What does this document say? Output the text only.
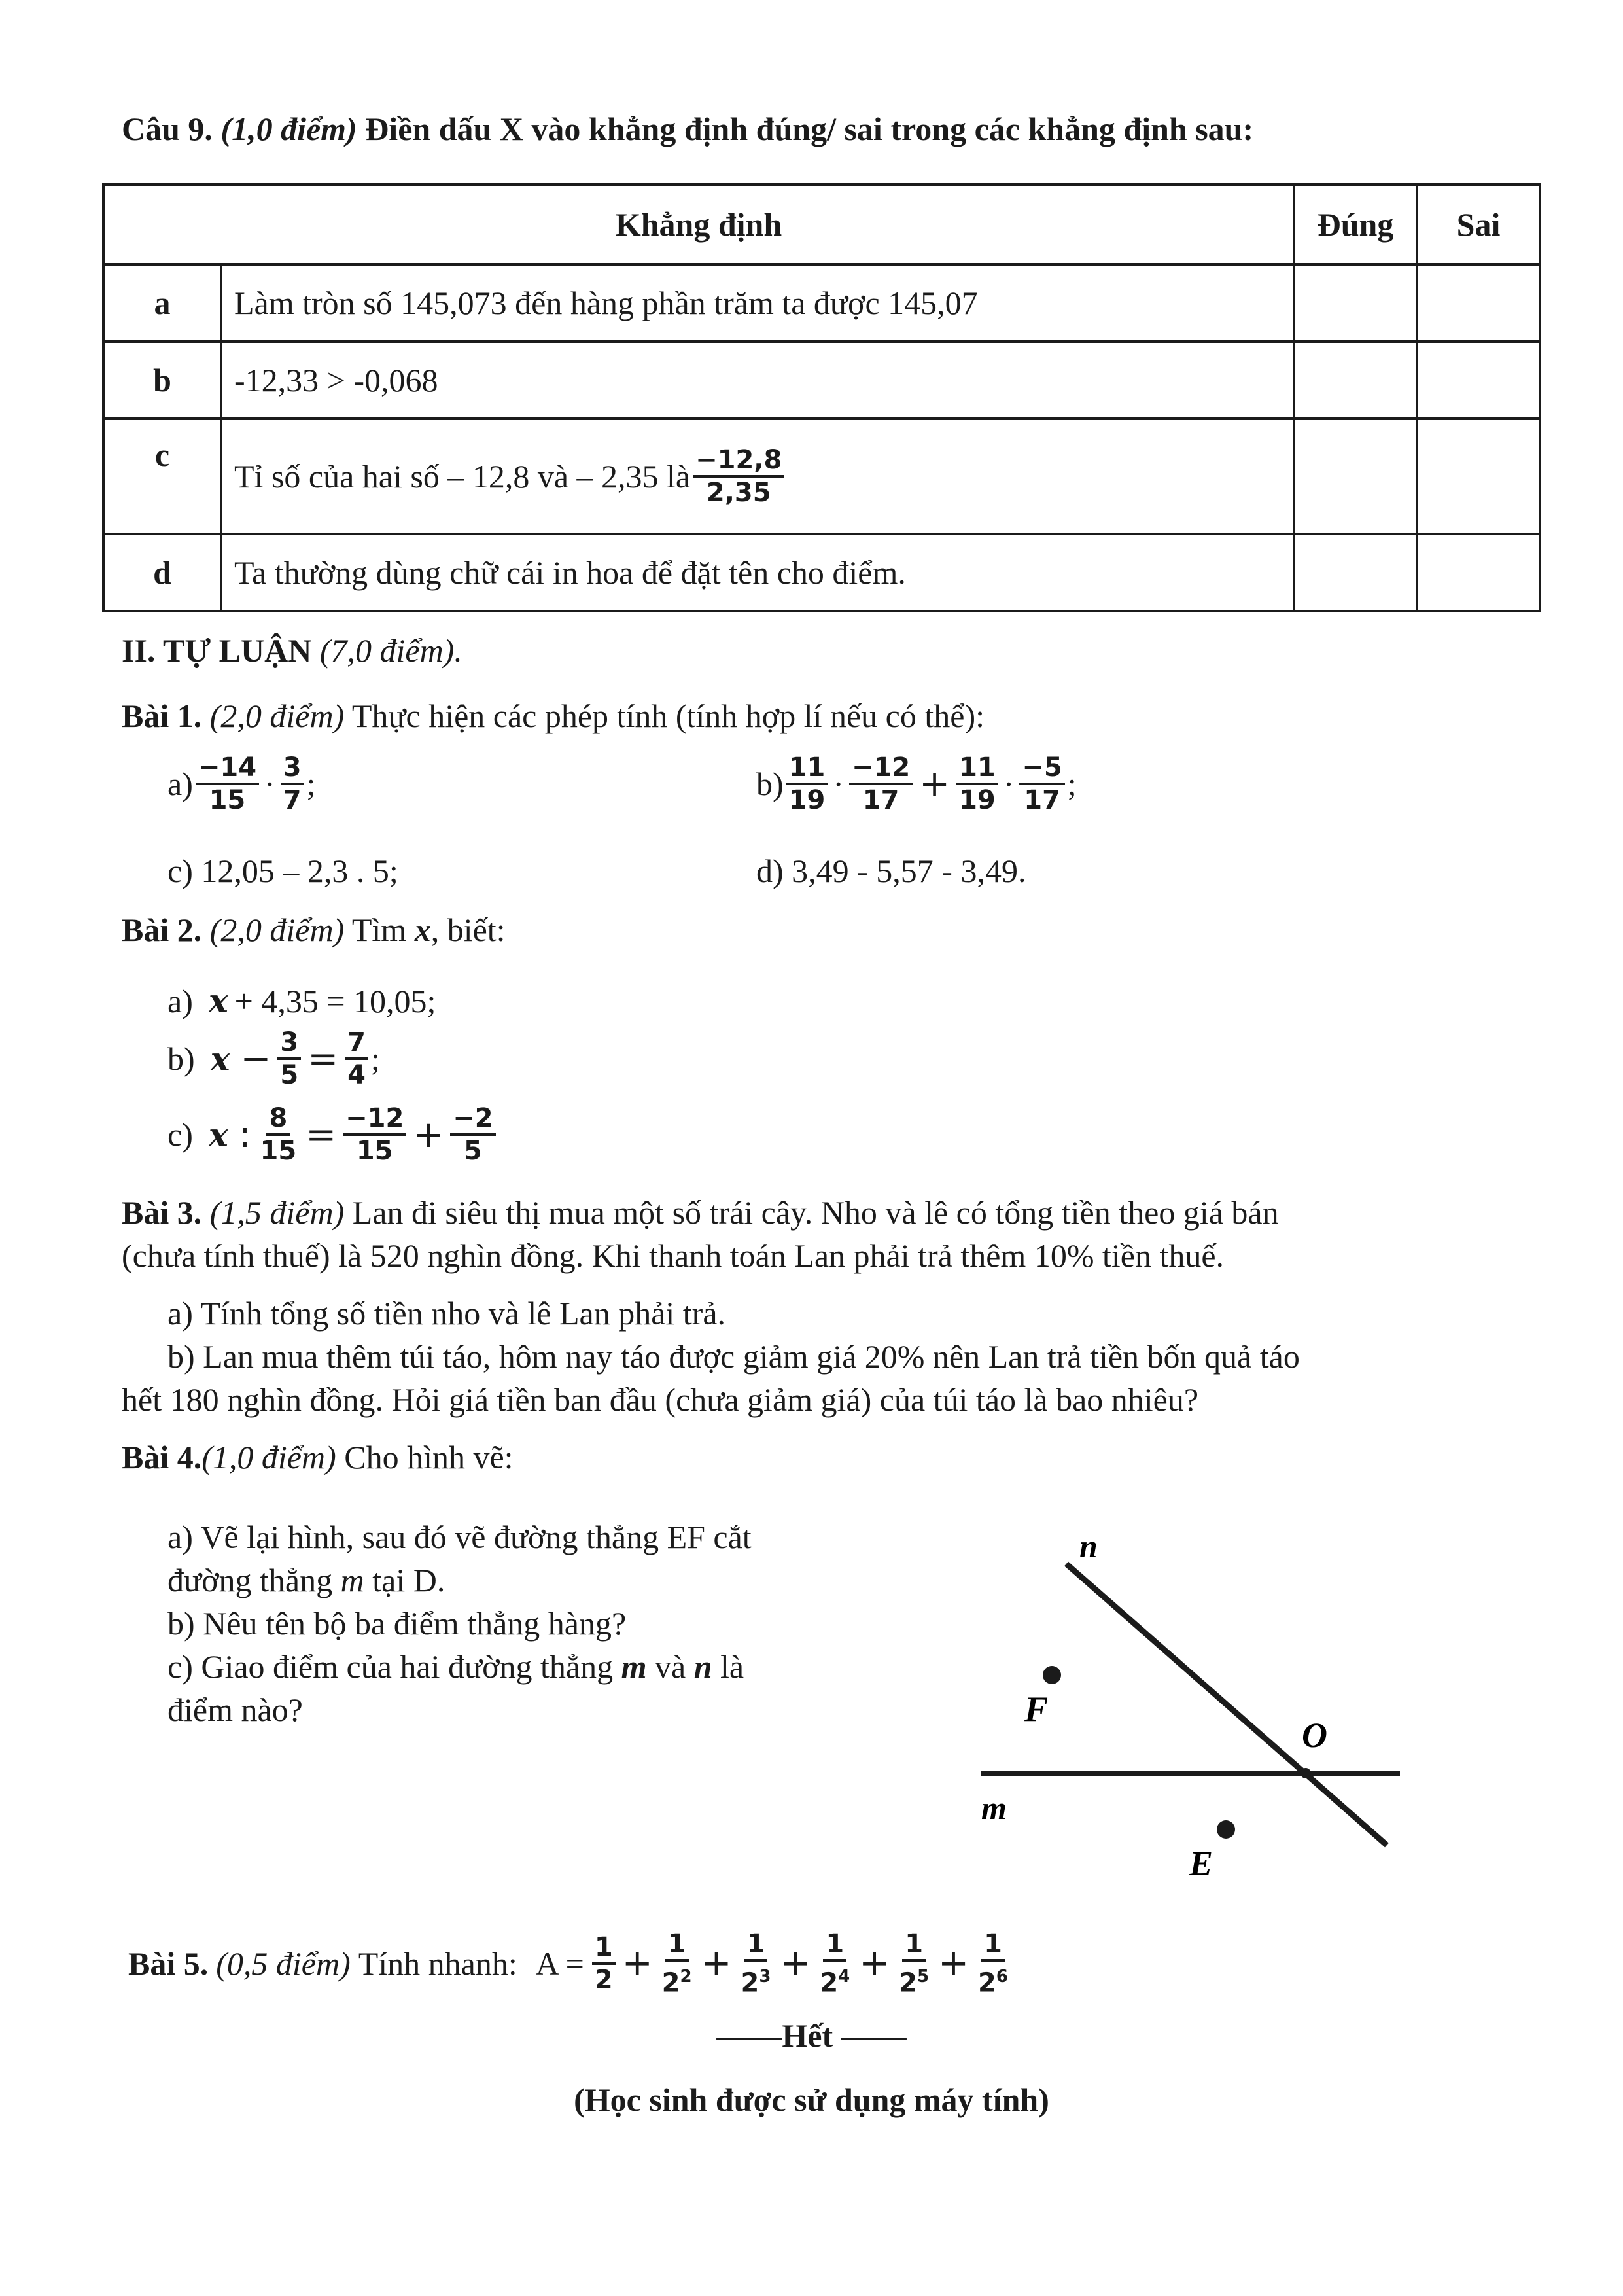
Câu 9. (1,0 điểm) Điền dấu X vào khẳng định đúng/ sai trong các khẳng định sau:
Khẳng định		Đúng	Sai
a	Làm tròn số 145,073 đến hàng phần trăm ta được 145,07		
b	-12,33 > -0,068		
c	Tỉ số của hai số – 12,8 và – 2,35 là $\frac{-12,8}{2,35}$

d	Ta thường dùng chữ cái in hoa để đặt tên cho điểm.		
II. TỰ LUẬN (7,0 điểm).
Bài 1. (2,0 điểm) Thực hiện các phép tính (tính hợp lí nếu có thể):
$a) \frac{-14}{15} \cdot \frac{3}{7}$ ;	$b) \frac{11}{19} \cdot \frac{-12}{17} + \frac{11}{19} \cdot \frac{-5}{17}$ ;
c) 12,05 – 2,3 . 5;	d) 3,49 - 5,57 - 3,49.
Bài 2. (2,0 điểm) Tìm x, biết:
a) x + 4,35 = 10,05;
b) $x - \frac{3}{5} = \frac{7}{4}$ ;
c) x : $\frac{8}{15} = \frac{-12}{15} + \frac{-2}{5}$
Bài 3. (1,5 điểm) Lan đi siêu thị mua một số trái cây. Nho và lê có tổng tiền theo giá bán
(chưa tính thuế) là 520 nghìn đồng. Khi thanh toán Lan phải trả thêm 10% tiền thuế.
a) Tính tổng số tiền nho và lê Lan phải trả.
b) Lan mua thêm túi táo, hôm nay táo được giảm giá 20% nên Lan trả tiền bốn quả táo
hết 180 nghìn đồng. Hỏi giá tiền ban đầu (chưa giảm giá) của túi táo là bao nhiêu?
Bài 4.(1,0 điểm) Cho hình vẽ:
a) Vẽ lại hình, sau đó vẽ đường thẳng EF cắt
đường thẳng m tại D.
b) Nêu tên bộ ba điểm thẳng hàng?
c) Giao điểm của hai đường thẳng m và n là
điểm nào?
n
m
O
F
E
Bài 5. (0,5 điểm) Tính nhanh: $A = \frac{1}{2} + \frac{1}{2^2} + \frac{1}{2^3} + \frac{1}{2^4} + \frac{1}{2^5} + \frac{1}{2^6}$
——Hết ——
(Học sinh được sử dụng máy tính)
